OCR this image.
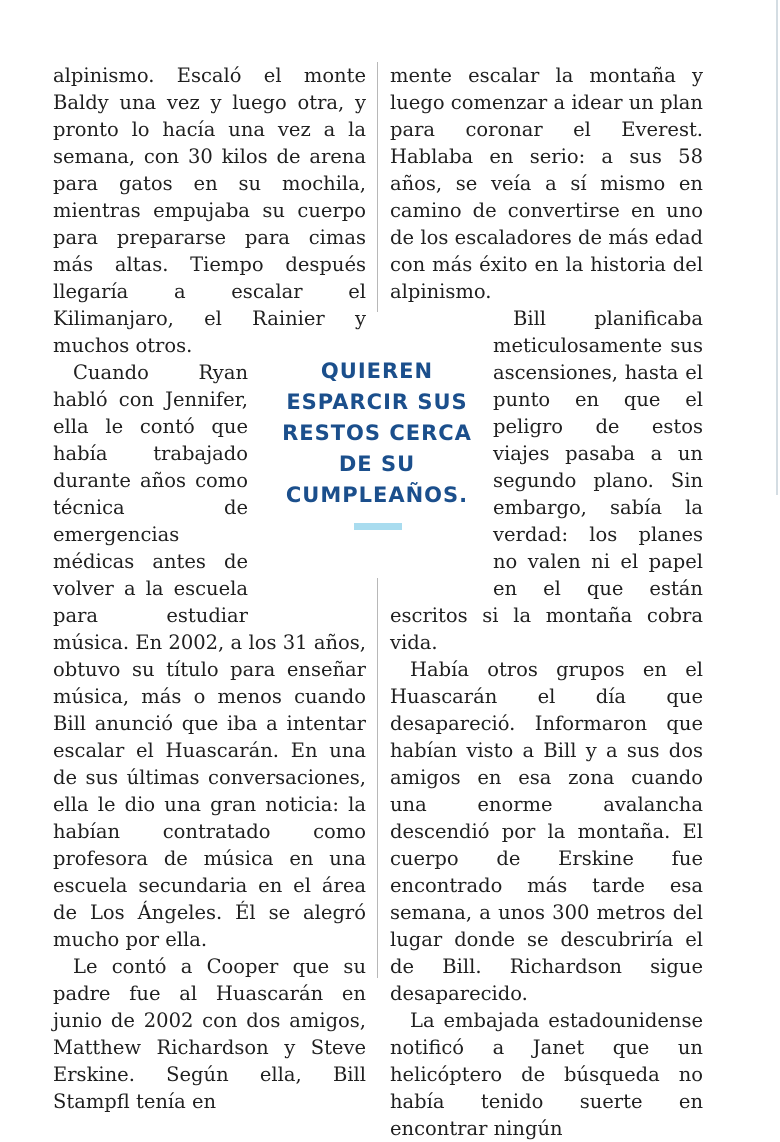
alpinismo. Escaló el monte Baldy una vez y luego otra, y pronto lo hacía una vez a la semana, con 30 kilos de arena para gatos en su mochila, mientras empujaba su cuerpo para prepararse para cimas más altas. Tiempo después llegaría a escalar el Kilimanjaro, el Rainier y muchos otros.

Cuando Ryan habló con Jennifer, ella le contó que había trabajado durante años como técnica de emergencias médicas antes de volver a la escuela para estudiar música. En 2002, a los 31 años, obtuvo su título para enseñar música, más o menos cuando Bill anunció que iba a intentar escalar el Huascarán. En una de sus últimas conversaciones, ella le dio una gran noticia: la habían contratado como profesora de música en una escuela secundaria en el área de Los Ángeles. Él se alegró mucho por ella.

Le contó a Cooper que su padre fue al Huascarán en junio de 2002 con dos amigos, Matthew Richardson y Steve Erskine. Según ella, Bill Stampfl tenía en

mente escalar la montaña y luego comenzar a idear un plan para coronar el Everest. Hablaba en serio: a sus 58 años, se veía a sí mismo en camino de convertirse en uno de los escaladores de más edad con más éxito en la historia del alpinismo.

Bill planificaba meticulosamente sus ascensiones, hasta el punto en que el peligro de estos viajes pasaba a un segundo plano. Sin embargo, sabía la verdad: los planes no valen ni el papel en el que están escritos si la montaña cobra vida.

Había otros grupos en el Huascarán el día que desapareció. Informaron que habían visto a Bill y a sus dos amigos en esa zona cuando una enorme avalancha descendió por la montaña. El cuerpo de Erskine fue encontrado más tarde esa semana, a unos 300 metros del lugar donde se descubriría el de Bill. Richardson sigue desaparecido.

La embajada estadounidense notificó a Janet que un helicóptero de búsqueda no había tenido suerte en encontrar ningún

QUIEREN ESPARCIR SUS RESTOS CERCA DE SU CUMPLEAÑOS.
